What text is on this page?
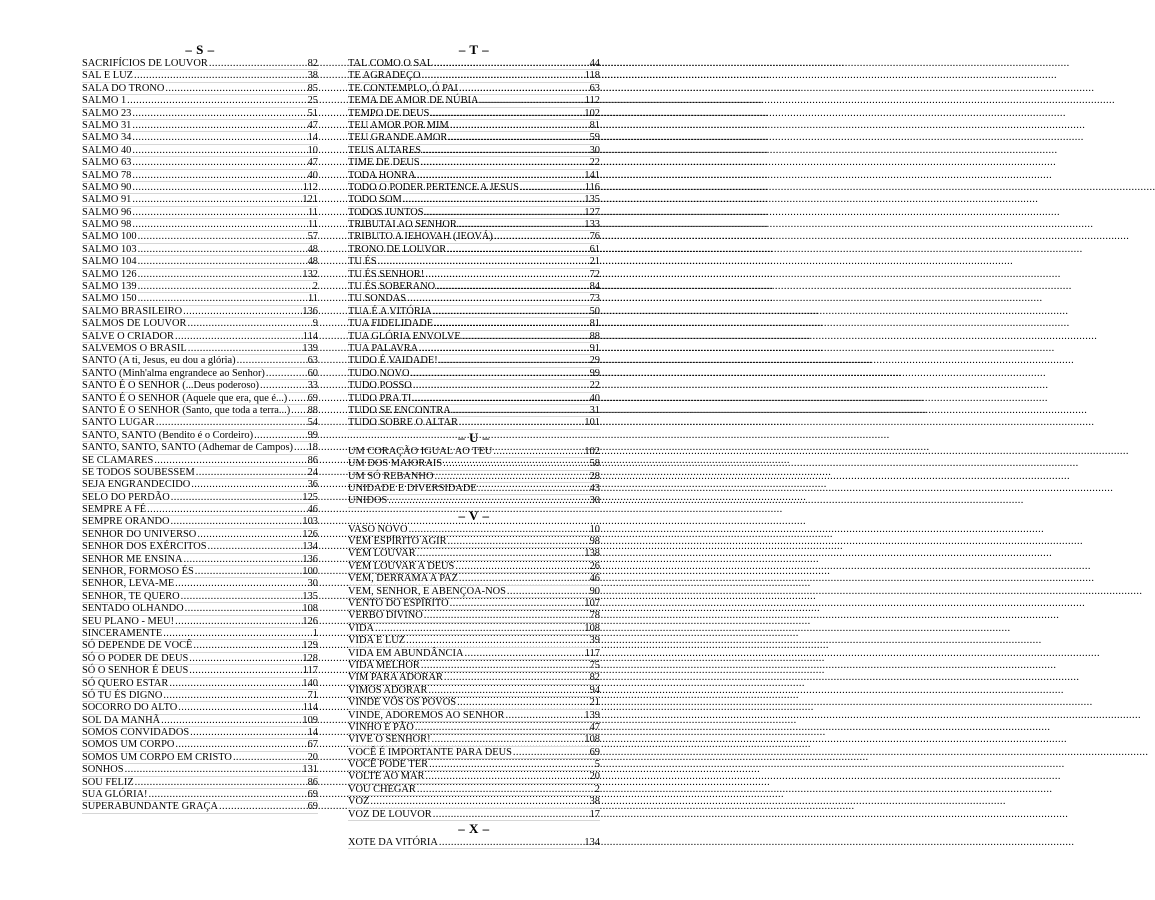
– S –
SACRIFÍCIOS DE LOUVOR .....	82
SAL E LUZ .....	38
SALA DO TRONO .....	85
SALMO 1 .....	25
SALMO 23 .....	51
SALMO 31 .....	47
SALMO 34 .....	14
SALMO 40 .....	10
SALMO 63 .....	47
SALMO 78 .....	40
SALMO 90 .....	112
SALMO 91 .....	121
SALMO 96 .....	11
SALMO 98 .....	11
SALMO 100 .....	57
SALMO 103 .....	48
SALMO 104 .....	48
SALMO 126 .....	132
SALMO 139 .....	2
SALMO 150 .....	11
SALMO BRASILEIRO .....	136
SALMOS DE LOUVOR .....	9
SALVE O CRIADOR .....	114
SALVEMOS O BRASIL .....	139
SANTO (A ti, Jesus, eu dou a glória) .....	63
SANTO (Minh'alma engrandece ao Senhor) .....	60
SANTO É O SENHOR (...Deus poderoso) .....	33
SANTO É O SENHOR (Aquele que era, que é...) ..... 69
SANTO É O SENHOR (Santo, que toda a terra...) ..... 88
SANTO LUGAR .....	54
SANTO, SANTO (Bendito é o Cordeiro) .....	99
SANTO, SANTO, SANTO (Adhemar de Campos) ..... 18
SE CLAMARES .....	86
SE TODOS SOUBESSEM .....	24
SEJA ENGRANDECIDO .....	36
SELO DO PERDÃO .....	125
SEMPRE A FÉ .....	46
SEMPRE ORANDO .....	103
SENHOR DO UNIVERSO .....	126
SENHOR DOS EXÉRCITOS .....	134
SENHOR ME ENSINA .....	136
SENHOR, FORMOSO ÉS .....	100
SENHOR, LEVA-ME .....	30
SENHOR, TE QUERO .....	135
SENTADO OLHANDO .....	108
SEU PLANO - MEU! .....	126
SINCERAMENTE .....	1
SÓ DEPENDE DE VOCÊ .....	129
SÓ O PODER DE DEUS .....	128
SÓ O SENHOR É DEUS .....	117
SÓ QUERO ESTAR .....	140
SÓ TU ÉS DIGNO .....	71
SOCORRO DO ALTO .....	114
SOL DA MANHÃ .....	109
SOMOS CONVIDADOS .....	14
SOMOS UM CORPO .....	67
SOMOS UM CORPO EM CRISTO .....	20
SONHOS .....	131
SOU FELIZ .....	86
SUA GLÓRIA! .....	69
SUPERABUNDANTE GRAÇA .....	69
– T –
TAL COMO O SAL .....	44
TE AGRADEÇO .....	118
TE CONTEMPLO, Ó PAI .....	63
TEMA DE AMOR DE NÚBIA .....	112
TEMPO DE DEUS .....	102
TEU AMOR POR MIM .....	81
TEU GRANDE AMOR .....	59
TEUS ALTARES .....	30
TIME DE DEUS .....	22
TODA HONRA .....	141
TODO O PODER PERTENCE A JESUS .....	116
TODO SOM .....	135
TODOS JUNTOS .....	127
TRIBUTAI AO SENHOR .....	133
TRIBUTO A IEHOVAH (JEOVÁ) .....	76
TRONO DE LOUVOR .....	61
TU ÉS .....	21
TU ÉS SENHOR! .....	72
TU ÉS SOBERANO .....	84
TU SONDAS .....	73
TUA É A VITÓRIA .....	50
TUA FIDELIDADE .....	81
TUA GLÓRIA ENVOLVE .....	88
TUA PALAVRA .....	91
TUDO É VAIDADE! .....	29
TUDO NOVO .....	99
TUDO POSSO .....	22
TUDO PRA TI .....	40
TUDO SE ENCONTRA .....	31
TUDO SOBRE O ALTAR .....	101
– U –
UM CORAÇÃO IGUAL AO TEU .....	102
UM DOS MAIORAIS .....	58
UM SÓ REBANHO .....	28
UNIDADE E DIVERSIDADE .....	43
UNIDOS .....	30
– V –
VASO NOVO .....	10
VEM ESPÍRITO AGIR .....	98
VEM LOUVAR .....	138
VEM LOUVAR A DEUS .....	26
VEM, DERRAMA A PAZ .....	46
VEM, SENHOR, E ABENÇOA-NOS .....	90
VENTO DO ESPÍRITO .....	107
VERBO DIVINO .....	78
VIDA .....	108
VIDA E LUZ .....	39
VIDA EM ABUNDÂNCIA .....	117
VIDA MELHOR .....	75
VIM PARA ADORAR .....	82
VIMOS ADORAR .....	94
VINDE VÓS OS POVOS .....	21
VINDE, ADOREMOS AO SENHOR .....	139
VINHO E PÃO .....	47
VIVE O SENHOR! .....	108
VOCÊ É IMPORTANTE PARA DEUS .....	69
VOCÊ PODE TER .....	5
VOLTE AO MAR .....	20
VOU CHEGAR .....	2
VOZ .....	38
VOZ DE LOUVOR .....	17
– X –
XOTE DA VITÓRIA .....	134
